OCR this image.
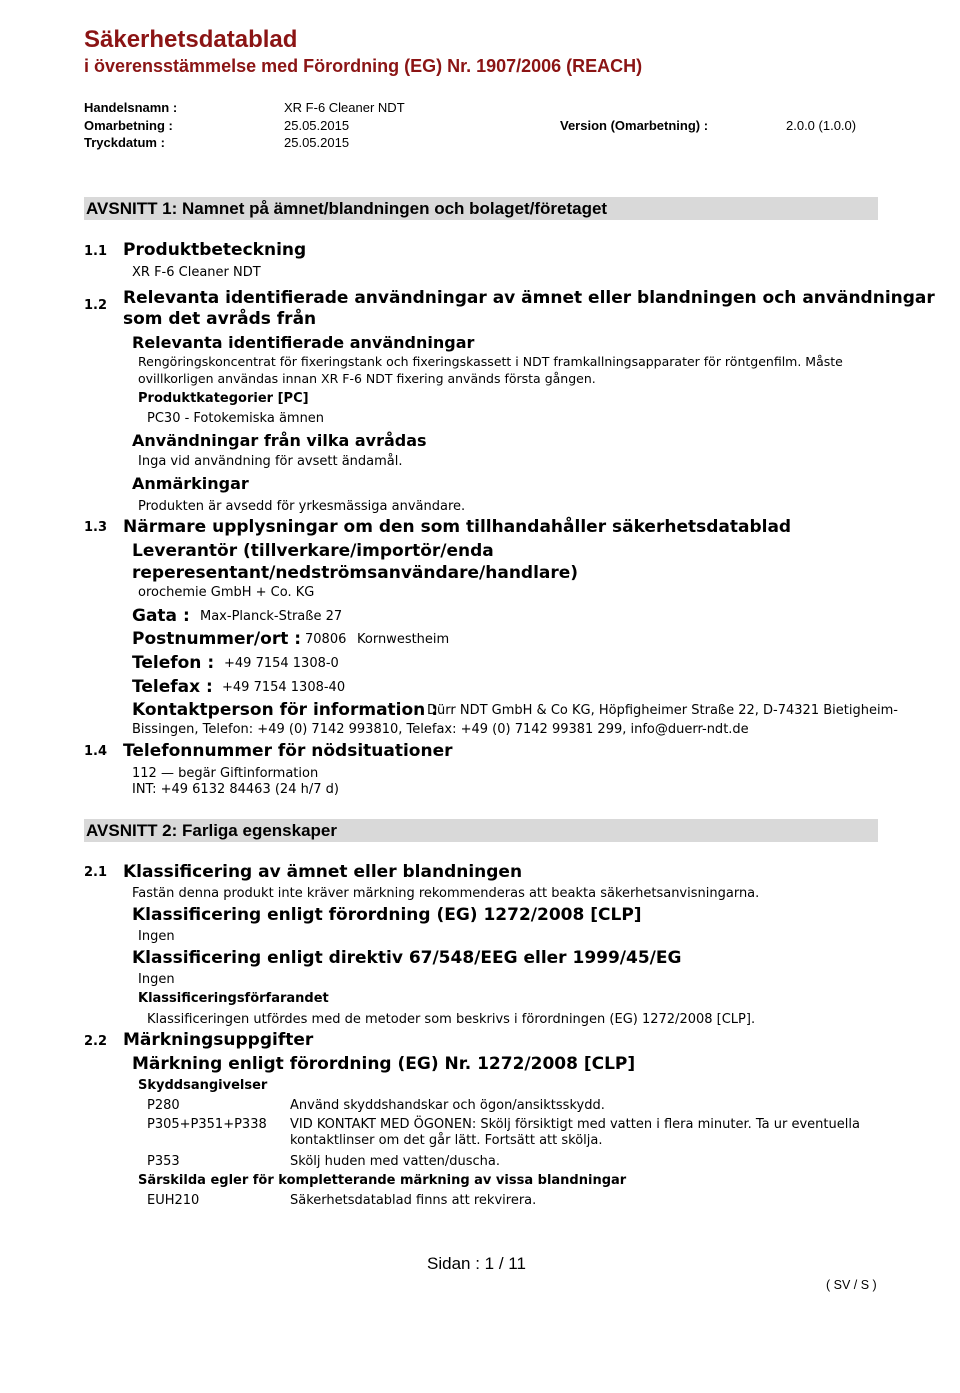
Säkerhetsdatablad
i överensstämmelse med Förordning (EG) Nr. 1907/2006 (REACH)
Handelsnamn :	XR F-6 Cleaner NDT
Omarbetning :	25.05.2015	Version (Omarbetning) :	2.0.0 (1.0.0)
Tryckdatum :	25.05.2015
AVSNITT 1: Namnet på ämnet/blandningen och bolaget/företaget
1.1 Produktbeteckning
XR F-6 Cleaner NDT
1.2 Relevanta identifierade användningar av ämnet eller blandningen och användningar
som det avråds från
Relevanta identifierade användningar
Rengöringskoncentrat för fixeringstank och fixeringskassett i NDT framkallningsapparater för röntgenfilm. Måste
ovillkorligen användas innan XR F-6 NDT fixering används första gången.
Produktkategorier [PC]
PC30 - Fotokemiska ämnen
Användningar från vilka avrådas
Inga vid användning för avsett ändamål.
Anmärkingar
Produkten är avsedd för yrkesmässiga användare.
1.3 Närmare upplysningar om den som tillhandahåller säkerhetsdatablad
Leverantör (tillverkare/importör/enda
reperesentant/nedströmsanvändare/handlare)
orochemie GmbH + Co. KG
Gata : Max-Planck-Straße 27
Postnummer/ort : 70806 Kornwestheim
Telefon : +49 7154 1308-0
Telefax : +49 7154 1308-40
Kontaktperson för information :
Dürr NDT GmbH & Co KG, Höpfigheimer Straße 22, D-74321 Bietigheim-
Bissingen, Telefon: +49 (0) 7142 993810, Telefax: +49 (0) 7142 99381 299, info@duerr-ndt.de
1.4 Telefonnummer för nödsituationer
112 — begär Giftinformation
INT: +49 6132 84463 (24 h/7 d)
AVSNITT 2: Farliga egenskaper
2.1 Klassificering av ämnet eller blandningen
Fastän denna produkt inte kräver märkning rekommenderas att beakta säkerhetsanvisningarna.
Klassificering enligt förordning (EG) 1272/2008 [CLP]
Ingen
Klassificering enligt direktiv 67/548/EEG eller 1999/45/EG
Ingen
Klassificeringsförfarandet
Klassificeringen utfördes med de metoder som beskrivs i förordningen (EG) 1272/2008 [CLP].
2.2 Märkningsuppgifter
Märkning enligt förordning (EG) Nr. 1272/2008 [CLP]
Skyddsangivelser
P280	Använd skyddshandskar och ögon/ansiktsskydd.
P305+P351+P338 VID KONTAKT MED ÖGONEN: Skölj försiktigt med vatten i flera minuter. Ta ur eventuella
kontaktlinser om det går lätt. Fortsätt att skölja.
P353	Skölj huden med vatten/duscha.
Särskilda egler för kompletterande märkning av vissa blandningar
EUH210	Säkerhetsdatablad finns att rekvirera.
Sidan : 1 / 11
( SV / S )
